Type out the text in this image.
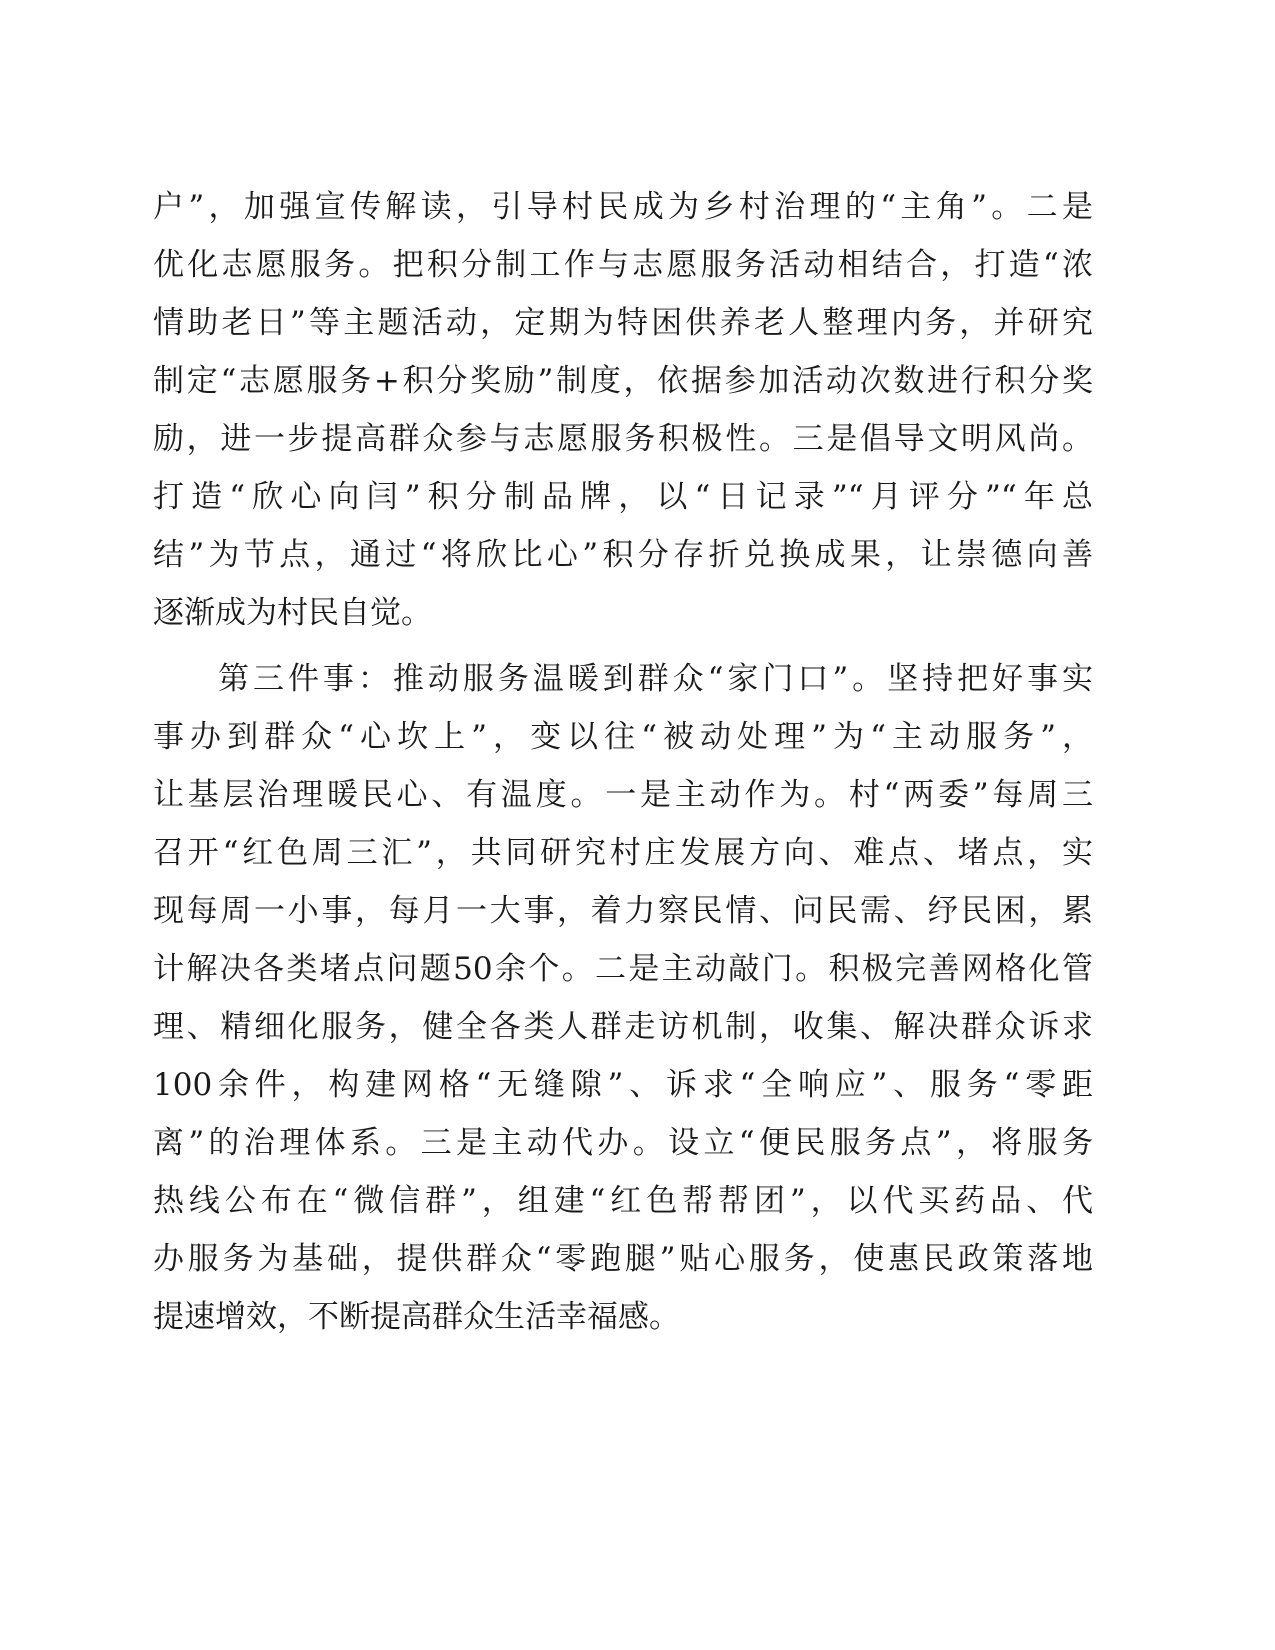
户”，加强宣传解读，引导村民成为乡村治理的“主角”。二是
优化志愿服务。把积分制工作与志愿服务活动相结合，打造“浓
情助老日”等主题活动，定期为特困供养老人整理内务，并研究
制定“志愿服务+积分奖励”制度，依据参加活动次数进行积分奖
励，进一步提高群众参与志愿服务积极性。三是倡导文明风尚。
打造“欣心向闫”积分制品牌，以“日记录”“月评分”“年总
结”为节点，通过“将欣比心”积分存折兑换成果，让崇德向善
逐渐成为村民自觉。
第三件事：推动服务温暖到群众“家门口”。坚持把好事实
事办到群众“心坎上”，变以往“被动处理”为“主动服务”，
让基层治理暖民心、有温度。一是主动作为。村“两委”每周三
召开“红色周三汇”，共同研究村庄发展方向、难点、堵点，实
现每周一小事，每月一大事，着力察民情、问民需、纾民困，累
计解决各类堵点问题50余个。二是主动敲门。积极完善网格化管
理、精细化服务，健全各类人群走访机制，收集、解决群众诉求
100余件，构建网格“无缝隙”、诉求“全响应”、服务“零距
离”的治理体系。三是主动代办。设立“便民服务点”，将服务
热线公布在“微信群”，组建“红色帮帮团”，以代买药品、代
办服务为基础，提供群众“零跑腿”贴心服务，使惠民政策落地
提速增效，不断提高群众生活幸福感。
